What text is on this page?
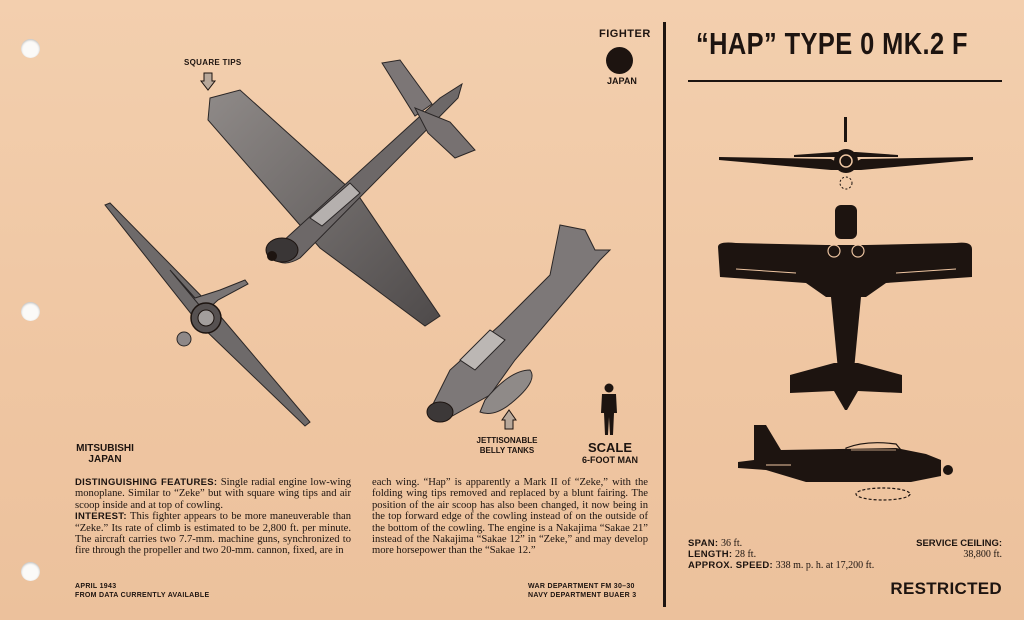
“HAP” TYPE 0 MK.2 F
FIGHTER
JAPAN
SQUARE TIPS
JETTISONABLE
BELLY TANKS	SCALE
6-FOOT MAN
MITSUBISHI
JAPAN
DISTINGUISHING FEATURES: Single radial engine low-wing monoplane. Similar to “Zeke” but with square wing tips and air scoop inside and at top of cowling.
INTEREST: This fighter appears to be more maneuverable than “Zeke.” Its rate of climb is estimated to be 2,800 ft. per minute. The aircraft carries two 7.7-mm. machine guns, synchronized to fire through the propeller and two 20-mm. cannon, fixed, are in
each wing. “Hap” is apparently a Mark II of “Zeke,” with the folding wing tips removed and replaced by a blunt fairing. The position of the air scoop has also been changed, it now being in the top forward edge of the cowling instead of on the outside of the bottom of the cowling. The engine is a Nakajima “Sakae 21” instead of the Nakajima “Sakae 12” in “Zeke,” and may develop more horsepower than the “Sakae 12.”
APRIL 1943
FROM DATA CURRENTLY AVAILABLE
WAR DEPARTMENT FM 30–30
NAVY DEPARTMENT BUAER 3
SPAN: 36 ft.
LENGTH: 28 ft.
APPROX. SPEED: 338 m. p. h. at 17,200 ft.
SERVICE CEILING:
38,800 ft.
RESTRICTED
